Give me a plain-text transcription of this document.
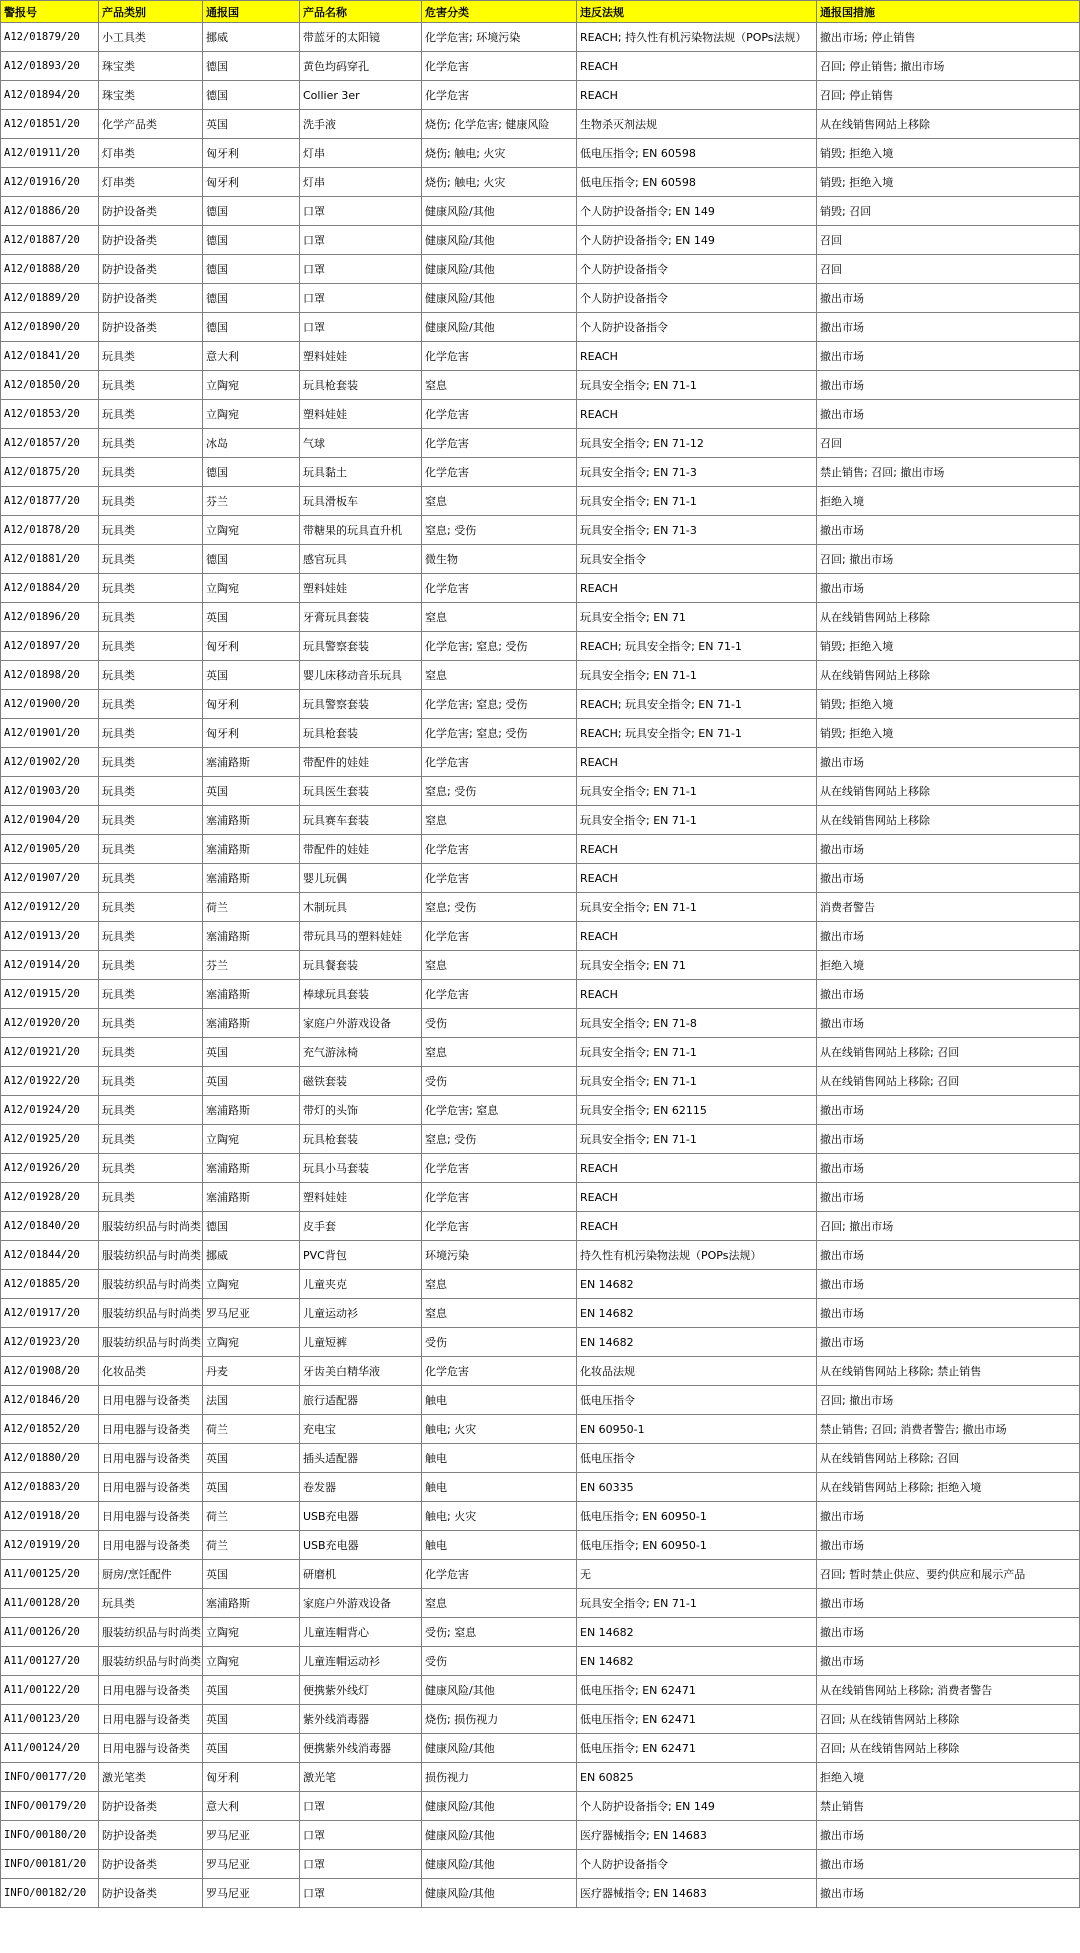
警报号	产品类别	通报国	产品名称	危害分类	违反法规	通报国措施
A12/01879/20	小工具类	挪威	带蓝牙的太阳镜	化学危害; 环境污染	REACH; 持久性有机污染物法规（POPs法规）	撤出市场; 停止销售
A12/01893/20	珠宝类	德国	黄色均码穿孔	化学危害	REACH	召回; 停止销售; 撤出市场
A12/01894/20	珠宝类	德国	Collier 3er	化学危害	REACH	召回; 停止销售
A12/01851/20	化学产品类	英国	洗手液	烧伤; 化学危害; 健康风险	生物杀灭剂法规	从在线销售网站上移除
A12/01911/20	灯串类	匈牙利	灯串	烧伤; 触电; 火灾	低电压指令; EN 60598	销毁; 拒绝入境
A12/01916/20	灯串类	匈牙利	灯串	烧伤; 触电; 火灾	低电压指令; EN 60598	销毁; 拒绝入境
A12/01886/20	防护设备类	德国	口罩	健康风险/其他	个人防护设备指令; EN 149	销毁; 召回
A12/01887/20	防护设备类	德国	口罩	健康风险/其他	个人防护设备指令; EN 149	召回
A12/01888/20	防护设备类	德国	口罩	健康风险/其他	个人防护设备指令	召回
A12/01889/20	防护设备类	德国	口罩	健康风险/其他	个人防护设备指令	撤出市场
A12/01890/20	防护设备类	德国	口罩	健康风险/其他	个人防护设备指令	撤出市场
A12/01841/20	玩具类	意大利	塑料娃娃	化学危害	REACH	撤出市场
A12/01850/20	玩具类	立陶宛	玩具枪套装	窒息	玩具安全指令; EN 71-1	撤出市场
A12/01853/20	玩具类	立陶宛	塑料娃娃	化学危害	REACH	撤出市场
A12/01857/20	玩具类	冰岛	气球	化学危害	玩具安全指令; EN 71-12	召回
A12/01875/20	玩具类	德国	玩具黏土	化学危害	玩具安全指令; EN 71-3	禁止销售; 召回; 撤出市场
A12/01877/20	玩具类	芬兰	玩具滑板车	窒息	玩具安全指令; EN 71-1	拒绝入境
A12/01878/20	玩具类	立陶宛	带糖果的玩具直升机	窒息; 受伤	玩具安全指令; EN 71-3	撤出市场
A12/01881/20	玩具类	德国	感官玩具	微生物	玩具安全指令	召回; 撤出市场
A12/01884/20	玩具类	立陶宛	塑料娃娃	化学危害	REACH	撤出市场
A12/01896/20	玩具类	英国	牙膏玩具套装	窒息	玩具安全指令; EN 71	从在线销售网站上移除
A12/01897/20	玩具类	匈牙利	玩具警察套装	化学危害; 窒息; 受伤	REACH; 玩具安全指令; EN 71-1	销毁; 拒绝入境
A12/01898/20	玩具类	英国	婴儿床移动音乐玩具	窒息	玩具安全指令; EN 71-1	从在线销售网站上移除
A12/01900/20	玩具类	匈牙利	玩具警察套装	化学危害; 窒息; 受伤	REACH; 玩具安全指令; EN 71-1	销毁; 拒绝入境
A12/01901/20	玩具类	匈牙利	玩具枪套装	化学危害; 窒息; 受伤	REACH; 玩具安全指令; EN 71-1	销毁; 拒绝入境
A12/01902/20	玩具类	塞浦路斯	带配件的娃娃	化学危害	REACH	撤出市场
A12/01903/20	玩具类	英国	玩具医生套装	窒息; 受伤	玩具安全指令; EN 71-1	从在线销售网站上移除
A12/01904/20	玩具类	塞浦路斯	玩具赛车套装	窒息	玩具安全指令; EN 71-1	从在线销售网站上移除
A12/01905/20	玩具类	塞浦路斯	带配件的娃娃	化学危害	REACH	撤出市场
A12/01907/20	玩具类	塞浦路斯	婴儿玩偶	化学危害	REACH	撤出市场
A12/01912/20	玩具类	荷兰	木制玩具	窒息; 受伤	玩具安全指令; EN 71-1	消费者警告
A12/01913/20	玩具类	塞浦路斯	带玩具马的塑料娃娃	化学危害	REACH	撤出市场
A12/01914/20	玩具类	芬兰	玩具餐套装	窒息	玩具安全指令; EN 71	拒绝入境
A12/01915/20	玩具类	塞浦路斯	棒球玩具套装	化学危害	REACH	撤出市场
A12/01920/20	玩具类	塞浦路斯	家庭户外游戏设备	受伤	玩具安全指令; EN 71-8	撤出市场
A12/01921/20	玩具类	英国	充气游泳椅	窒息	玩具安全指令; EN 71-1	从在线销售网站上移除; 召回
A12/01922/20	玩具类	英国	磁铁套装	受伤	玩具安全指令; EN 71-1	从在线销售网站上移除; 召回
A12/01924/20	玩具类	塞浦路斯	带灯的头饰	化学危害; 窒息	玩具安全指令; EN 62115	撤出市场
A12/01925/20	玩具类	立陶宛	玩具枪套装	窒息; 受伤	玩具安全指令; EN 71-1	撤出市场
A12/01926/20	玩具类	塞浦路斯	玩具小马套装	化学危害	REACH	撤出市场
A12/01928/20	玩具类	塞浦路斯	塑料娃娃	化学危害	REACH	撤出市场
A12/01840/20	服装纺织品与时尚类	德国	皮手套	化学危害	REACH	召回; 撤出市场
A12/01844/20	服装纺织品与时尚类	挪威	PVC背包	环境污染	持久性有机污染物法规（POPs法规）	撤出市场
A12/01885/20	服装纺织品与时尚类	立陶宛	儿童夹克	窒息	EN 14682	撤出市场
A12/01917/20	服装纺织品与时尚类	罗马尼亚	儿童运动衫	窒息	EN 14682	撤出市场
A12/01923/20	服装纺织品与时尚类	立陶宛	儿童短裤	受伤	EN 14682	撤出市场
A12/01908/20	化妆品类	丹麦	牙齿美白精华液	化学危害	化妆品法规	从在线销售网站上移除; 禁止销售
A12/01846/20	日用电器与设备类	法国	旅行适配器	触电	低电压指令	召回; 撤出市场
A12/01852/20	日用电器与设备类	荷兰	充电宝	触电; 火灾	EN 60950-1	禁止销售; 召回; 消费者警告; 撤出市场
A12/01880/20	日用电器与设备类	英国	插头适配器	触电	低电压指令	从在线销售网站上移除; 召回
A12/01883/20	日用电器与设备类	英国	卷发器	触电	EN 60335	从在线销售网站上移除; 拒绝入境
A12/01918/20	日用电器与设备类	荷兰	USB充电器	触电; 火灾	低电压指令; EN 60950-1	撤出市场
A12/01919/20	日用电器与设备类	荷兰	USB充电器	触电	低电压指令; EN 60950-1	撤出市场
A11/00125/20	厨房/烹饪配件	英国	研磨机	化学危害	无	召回; 暂时禁止供应、要约供应和展示产品
A11/00128/20	玩具类	塞浦路斯	家庭户外游戏设备	窒息	玩具安全指令; EN 71-1	撤出市场
A11/00126/20	服装纺织品与时尚类	立陶宛	儿童连帽背心	受伤; 窒息	EN 14682	撤出市场
A11/00127/20	服装纺织品与时尚类	立陶宛	儿童连帽运动衫	受伤	EN 14682	撤出市场
A11/00122/20	日用电器与设备类	英国	便携紫外线灯	健康风险/其他	低电压指令; EN 62471	从在线销售网站上移除; 消费者警告
A11/00123/20	日用电器与设备类	英国	紫外线消毒器	烧伤; 损伤视力	低电压指令; EN 62471	召回; 从在线销售网站上移除
A11/00124/20	日用电器与设备类	英国	便携紫外线消毒器	健康风险/其他	低电压指令; EN 62471	召回; 从在线销售网站上移除
INFO/00177/20	激光笔类	匈牙利	激光笔	损伤视力	EN 60825	拒绝入境
INFO/00179/20	防护设备类	意大利	口罩	健康风险/其他	个人防护设备指令; EN 149	禁止销售
INFO/00180/20	防护设备类	罗马尼亚	口罩	健康风险/其他	医疗器械指令; EN 14683	撤出市场
INFO/00181/20	防护设备类	罗马尼亚	口罩	健康风险/其他	个人防护设备指令	撤出市场
INFO/00182/20	防护设备类	罗马尼亚	口罩	健康风险/其他	医疗器械指令; EN 14683	撤出市场
